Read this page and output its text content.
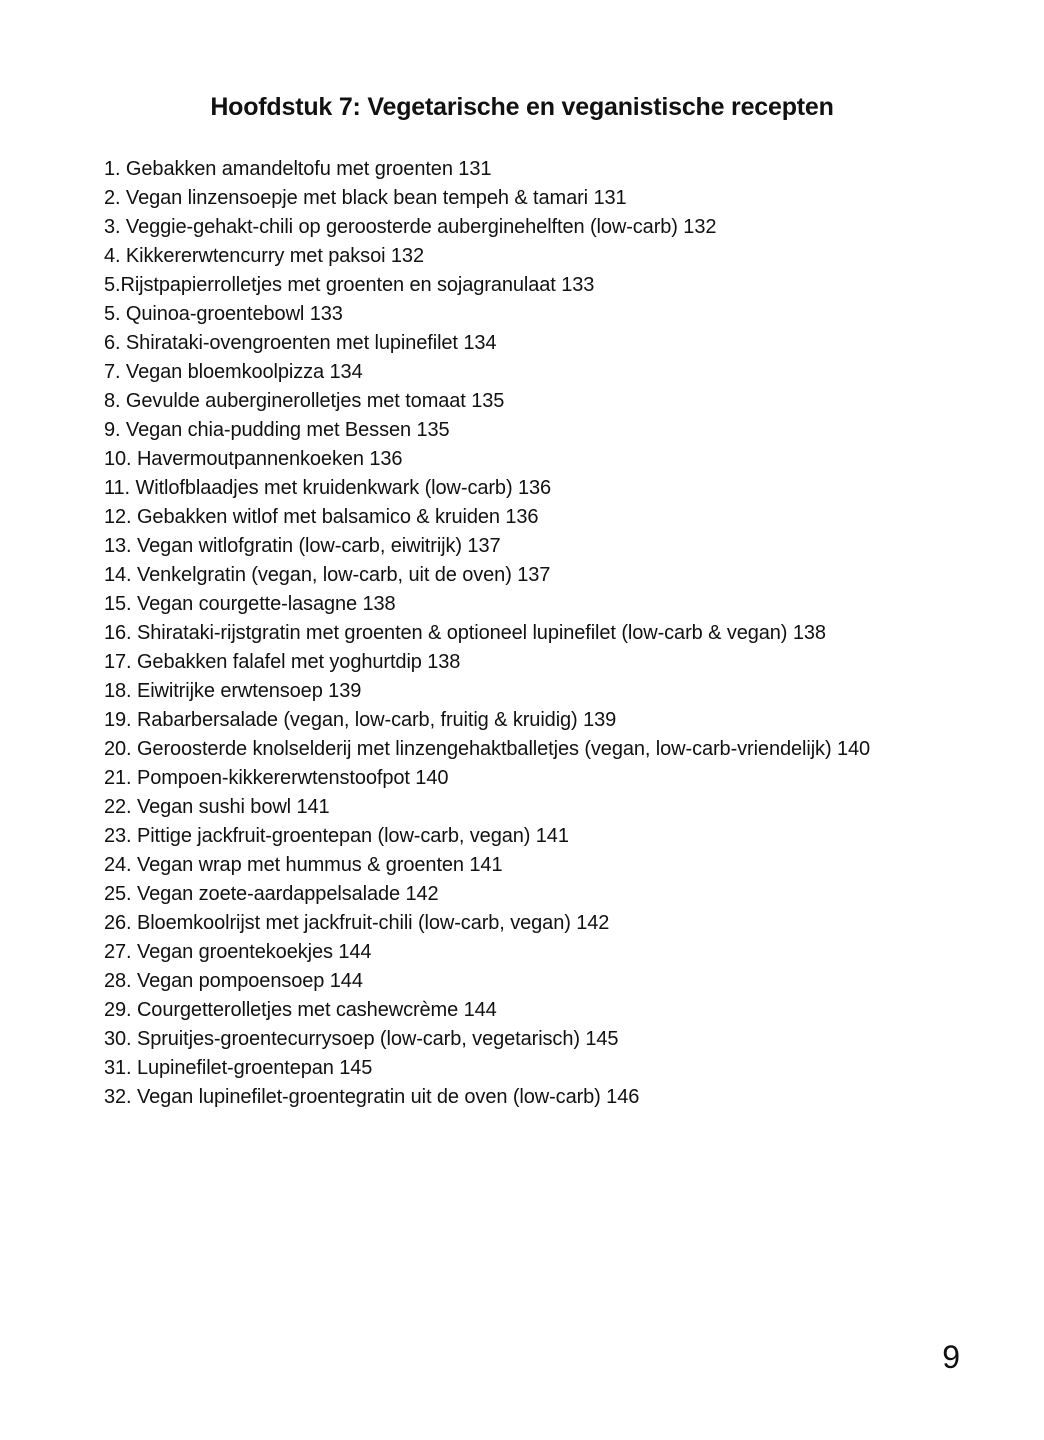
Hoofdstuk 7: Vegetarische en veganistische recepten
1. Gebakken amandeltofu met groenten 131
2. Vegan linzensoepje met black bean tempeh & tamari 131
3. Veggie-gehakt-chili op geroosterde auberginehelften (low-carb) 132
4. Kikkererwtencurry met paksoi 132
5.Rijstpapierrolletjes met groenten en sojagranulaat 133
5. Quinoa-groentebowl 133
6. Shirataki-ovengroenten met lupinefilet 134
7. Vegan bloemkoolpizza 134
8. Gevulde auberginerolletjes met tomaat 135
9. Vegan chia-pudding met Bessen 135
10. Havermoutpannenkoeken 136
11. Witlofblaadjes met kruidenkwark (low-carb) 136
12. Gebakken witlof met balsamico & kruiden 136
13. Vegan witlofgratin (low-carb, eiwitrijk) 137
14. Venkelgratin (vegan, low-carb, uit de oven) 137
15. Vegan courgette-lasagne 138
16. Shirataki-rijstgratin met groenten & optioneel lupinefilet (low-carb & vegan) 138
17. Gebakken falafel met yoghurtdip 138
18. Eiwitrijke erwtensoep 139
19. Rabarbersalade (vegan, low-carb, fruitig & kruidig) 139
20. Geroosterde knolselderij met linzengehaktballetjes (vegan, low-carb-vriendelijk) 140
21. Pompoen-kikkererwtenstoofpot 140
22. Vegan sushi bowl 141
23. Pittige jackfruit-groentepan (low-carb, vegan) 141
24. Vegan wrap met hummus & groenten 141
25. Vegan zoete-aardappelsalade 142
26. Bloemkoolrijst met jackfruit-chili (low-carb, vegan) 142
27. Vegan groentekoekjes 144
28. Vegan pompoensoep 144
29. Courgetterolletjes met cashewcrème 144
30. Spruitjes-groentecurrysoep (low-carb, vegetarisch) 145
31. Lupinefilet-groentepan 145
32. Vegan lupinefilet-groentegratin uit de oven (low-carb) 146
9
